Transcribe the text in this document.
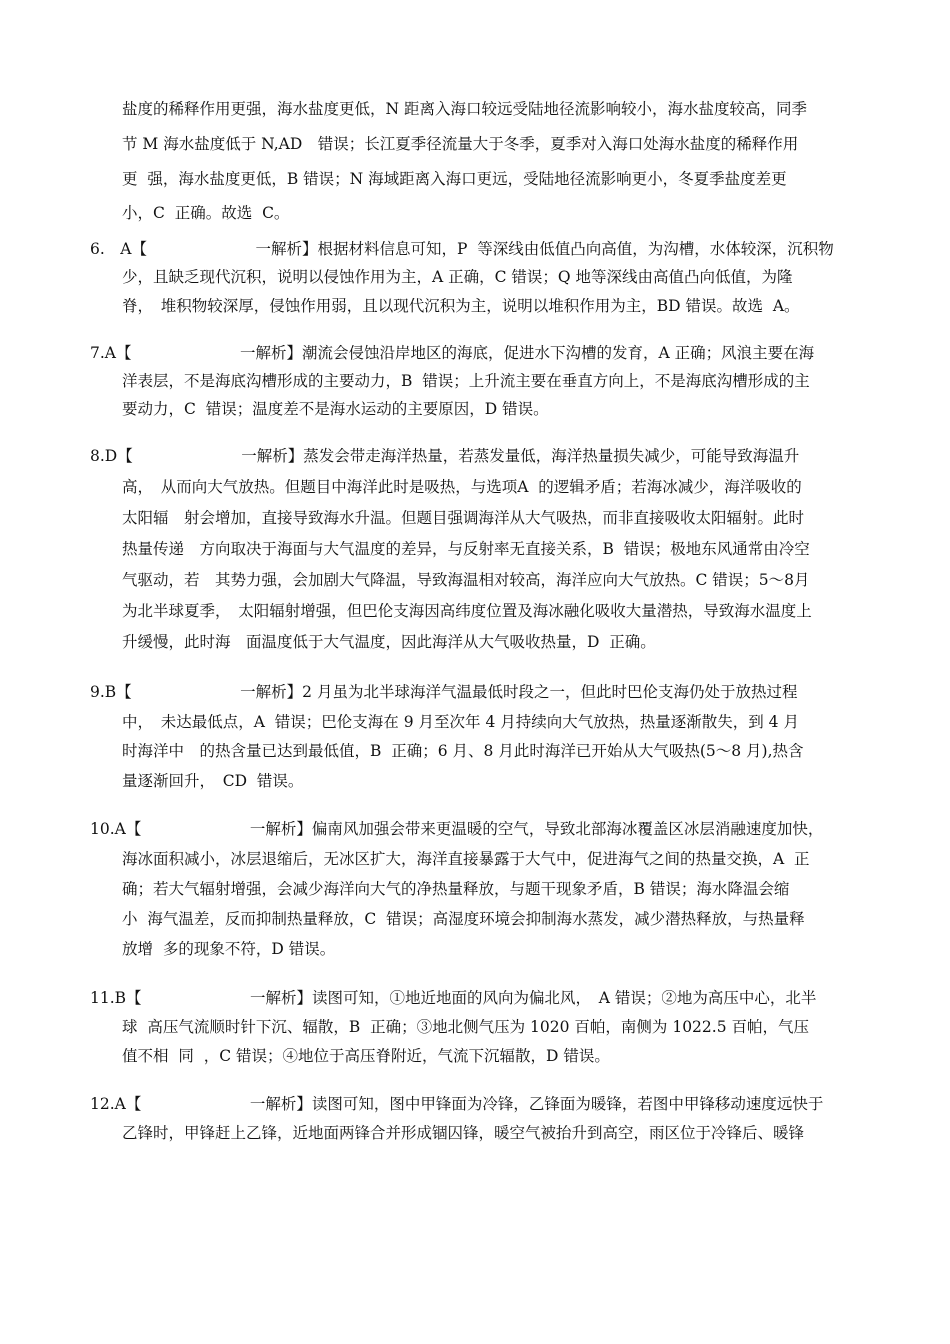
盐度的稀释作用更强，海水盐度更低，N 距离入海口较远受陆地径流影响较小，海水盐度较高，同季
节 M 海水盐度低于 N,AD　错误；长江夏季径流量大于冬季，夏季对入海口处海水盐度的稀释作用
更  强，海水盐度更低，B 错误；N 海域距离入海口更远，受陆地径流影响更小，冬夏季盐度差更
小，C  正确。故选  C。
6.　A【　　　　　　　一解析】根据材料信息可知，P  等深线由低值凸向高值，为沟槽，水体较深，沉积物
少，且缺乏现代沉积，说明以侵蚀作用为主，A 正确，C 错误；Q 地等深线由高值凸向低值，为隆
脊，　堆积物较深厚，侵蚀作用弱，且以现代沉积为主，说明以堆积作用为主，BD 错误。故选  A。
7.A【　　　　　　　一解析】潮流会侵蚀沿岸地区的海底，促进水下沟槽的发育，A 正确；风浪主要在海
洋表层，不是海底沟槽形成的主要动力，B  错误；上升流主要在垂直方向上，不是海底沟槽形成的主
要动力，C  错误；温度差不是海水运动的主要原因，D 错误。
8.D【　　　　　　　一解析】蒸发会带走海洋热量，若蒸发量低，海洋热量损失减少，可能导致海温升
高，　从而向大气放热。但题目中海洋此时是吸热，与选项A  的逻辑矛盾；若海冰减少，海洋吸收的
太阳辐　射会增加，直接导致海水升温。但题目强调海洋从大气吸热，而非直接吸收太阳辐射。此时
热量传递　方向取决于海面与大气温度的差异，与反射率无直接关系，B  错误；极地东风通常由冷空
气驱动，若　其势力强，会加剧大气降温，导致海温相对较高，海洋应向大气放热。C 错误；5～8月
为北半球夏季，　太阳辐射增强，但巴伦支海因高纬度位置及海冰融化吸收大量潜热，导致海水温度上
升缓慢，此时海　面温度低于大气温度，因此海洋从大气吸收热量，D  正确。
9.B【　　　　　　　一解析】2 月虽为北半球海洋气温最低时段之一，但此时巴伦支海仍处于放热过程
中，　未达最低点，A  错误；巴伦支海在 9 月至次年 4 月持续向大气放热，热量逐渐散失，到 4 月
时海洋中　的热含量已达到最低值，B  正确；6 月、8 月此时海洋已开始从大气吸热(5～8 月),热含
量逐渐回升，　CD  错误。
10.A【　　　　　　　一解析】偏南风加强会带来更温暖的空气，导致北部海冰覆盖区冰层消融速度加快，
海冰面积减小，冰层退缩后，无冰区扩大，海洋直接暴露于大气中，促进海气之间的热量交换，A  正
确；若大气辐射增强，会减少海洋向大气的净热量释放，与题干现象矛盾，B 错误；海水降温会缩
小  海气温差，反而抑制热量释放，C  错误；高湿度环境会抑制海水蒸发，减少潜热释放，与热量释
放增  多的现象不符，D 错误。
11.B【　　　　　　　一解析】读图可知，①地近地面的风向为偏北风，　A 错误；②地为高压中心，北半
球  高压气流顺时针下沉、辐散，B  正确；③地北侧气压为 1020 百帕，南侧为 1022.5 百帕，气压
值不相  同  ，C 错误；④地位于高压脊附近，气流下沉辐散，D 错误。
12.A【　　　　　　　一解析】读图可知，图中甲锋面为冷锋，乙锋面为暖锋，若图中甲锋移动速度远快于
乙锋时，甲锋赶上乙锋，近地面两锋合并形成锢囚锋，暖空气被抬升到高空，雨区位于冷锋后、暖锋
